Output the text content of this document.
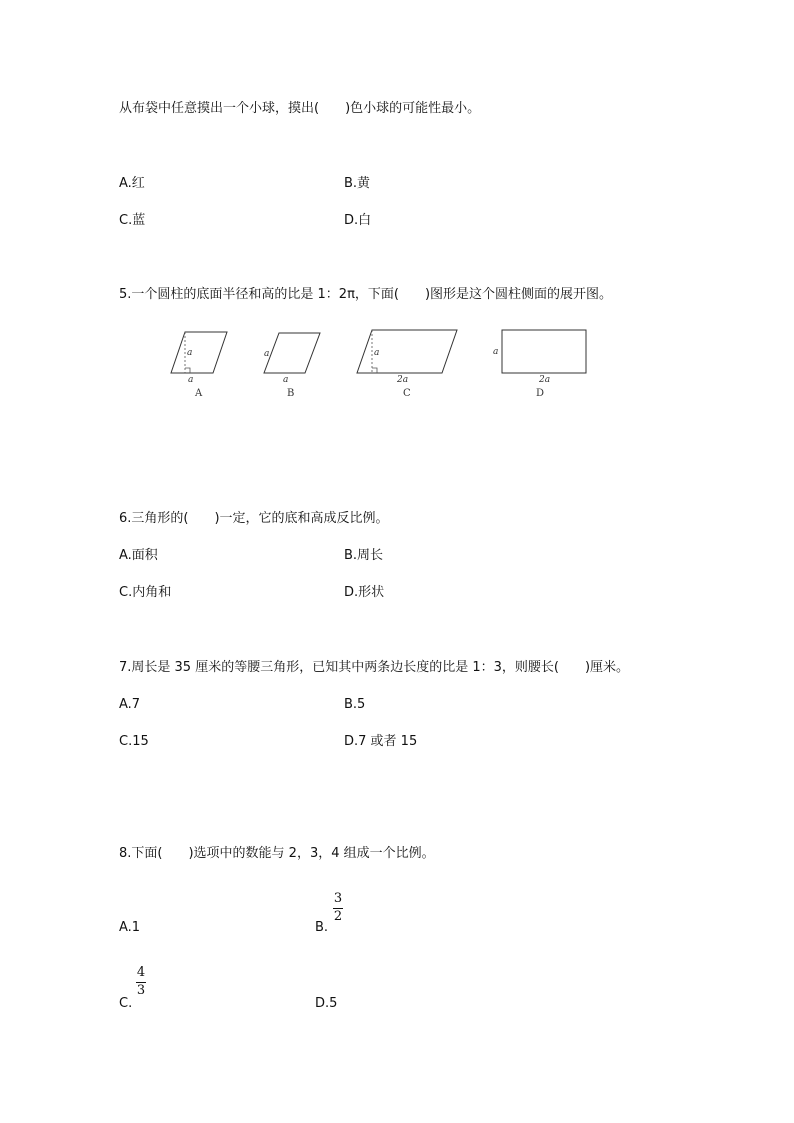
从布袋中任意摸出一个小球，摸出(　　)色小球的可能性最小。
A.红	B.黄
C.蓝	D.白
5.一个圆柱的底面半径和高的比是 1：2π，下面(　　)图形是这个圆柱侧面的展开图。
a
a
A
a
a
B
a
2a
C
a
2a
D
6.三角形的(　　)一定，它的底和高成反比例。
A.面积	B.周长
C.内角和	D.形状
7.周长是 35 厘米的等腰三角形，已知其中两条边长度的比是 1：3，则腰长(　　)厘米。
A.7	B.5
C.15	D.7 或者 15
8.下面(　　)选项中的数能与 2，3，4 组成一个比例。
A.1	B.
3
2
C.
4
3
D.5
